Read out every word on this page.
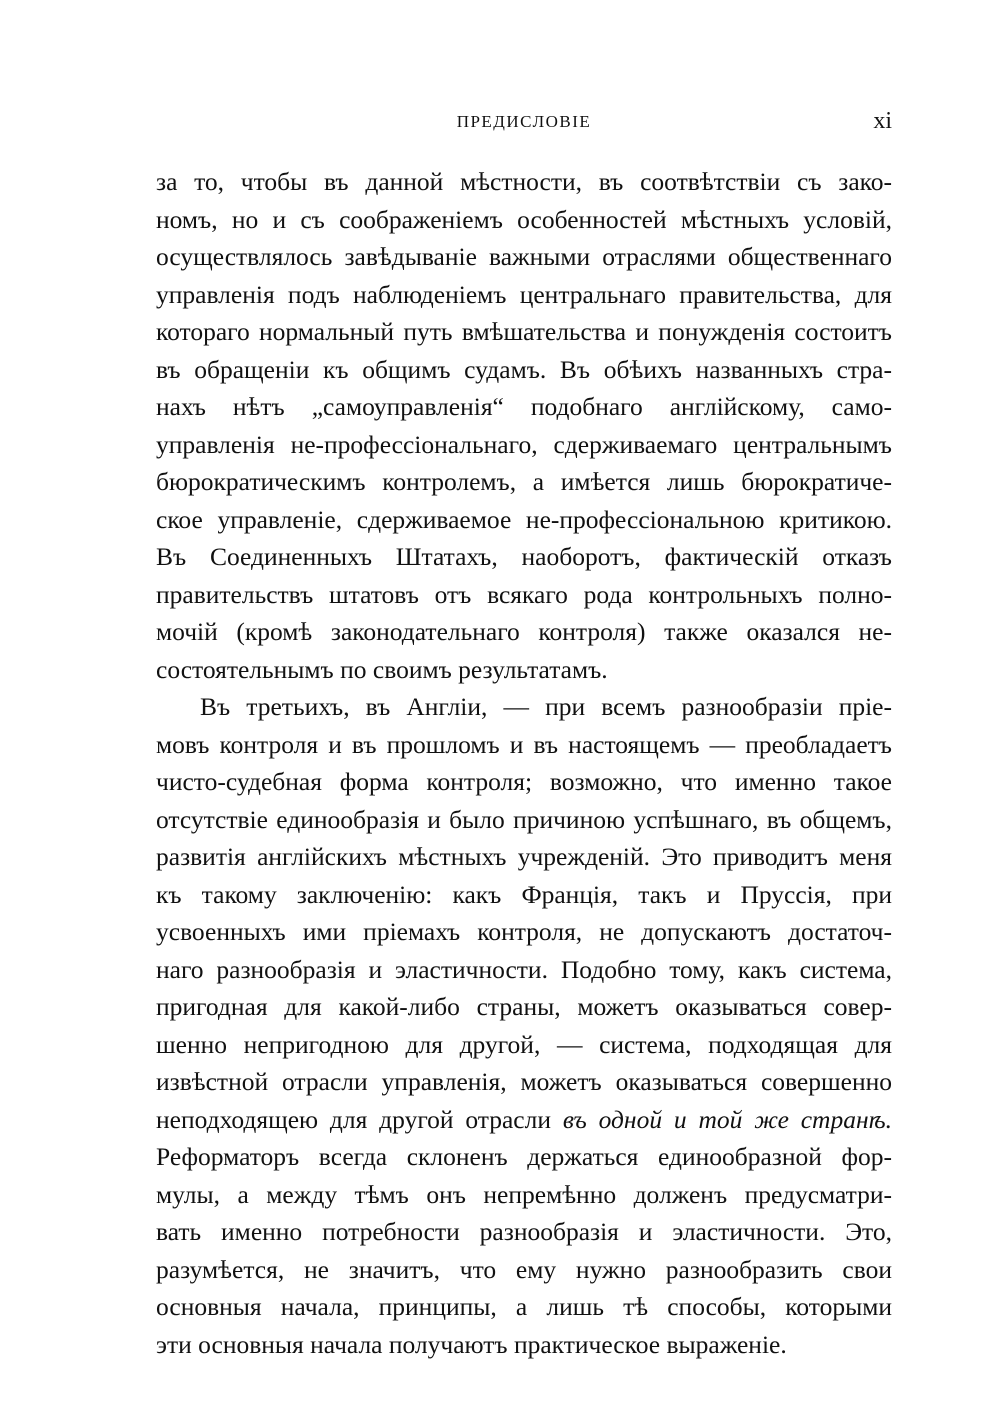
ПРЕДИСЛОВІЕ	xi
за то, чтобы въ данной мѣстности, въ соотвѣтствіи съ зако-
номъ, но и съ соображеніемъ особенностей мѣстныхъ условій,
осуществлялось завѣдываніе важными отраслями общественнаго
управленія подъ наблюденіемъ центральнаго правительства, для
котораго нормальный путь вмѣшательства и понужденія состоитъ
въ обращеніи къ общимъ судамъ. Въ обѣихъ названныхъ стра-
нахъ нѣтъ „самоуправленія“ подобнаго англійскому, само-
управленія не-профессіональнаго, сдерживаемаго центральнымъ
бюрократическимъ контролемъ, а имѣется лишь бюрократиче-
ское управленіе, сдерживаемое не-профессіональною критикою.
Въ Соединенныхъ Штатахъ, наоборотъ, фактическій отказъ
правительствъ штатовъ отъ всякаго рода контрольныхъ полно-
мочій (кромѣ законодательнаго контроля) также оказался не-
состоятельнымъ по своимъ результатамъ.
Въ третьихъ, въ Англіи, — при всемъ разнообразіи пріе-
мовъ контроля и въ прошломъ и въ настоящемъ — преобладаетъ
чисто-судебная форма контроля; возможно, что именно такое
отсутствіе единообразія и было причиною успѣшнаго, въ общемъ,
развитія англійскихъ мѣстныхъ учрежденій. Это приводитъ меня
къ такому заключенію: какъ Франція, такъ и Пруссія, при
усвоенныхъ ими пріемахъ контроля, не допускаютъ достаточ-
наго разнообразія и эластичности. Подобно тому, какъ система,
пригодная для какой-либо страны, можетъ оказываться совер-
шенно непригодною для другой, — система, подходящая для
извѣстной отрасли управленія, можетъ оказываться совершенно
неподходящею для другой отрасли въ одной и той же странѣ.
Реформаторъ всегда склоненъ держаться единообразной фор-
мулы, а между тѣмъ онъ непремѣнно долженъ предусматри-
вать именно потребности разнообразія и эластичности. Это,
разумѣется, не значитъ, что ему нужно разнообразить свои
основныя начала, принципы, а лишь тѣ способы, которыми
эти основныя начала получаютъ практическое выраженіе.
